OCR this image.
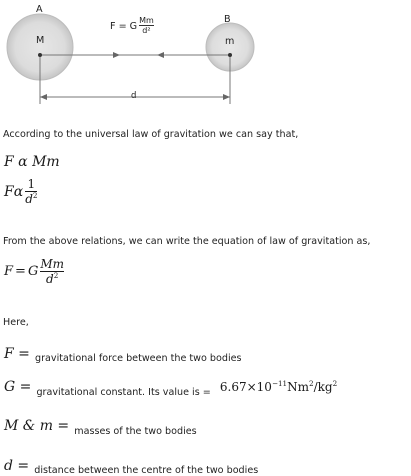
A
M
B
m
F = G $\frac{Mm}{\text{d²}}$
d
According to the universal law of gravitation we can say that,
F α Mm
F α $\frac{1}{d^2}$
From the above relations, we can write the equation of law of gravitation as,
F = G $\frac{Mm}{d^2}$
Here,
F = gravitational force between the two bodies
G = $_{gravitational constant. Its value is =}$ $6.67\times 10^{-11}Nm^2/kg^2$
M & m = $_{masses of the two bodies}$
d = distance between the centre of the two bodies
